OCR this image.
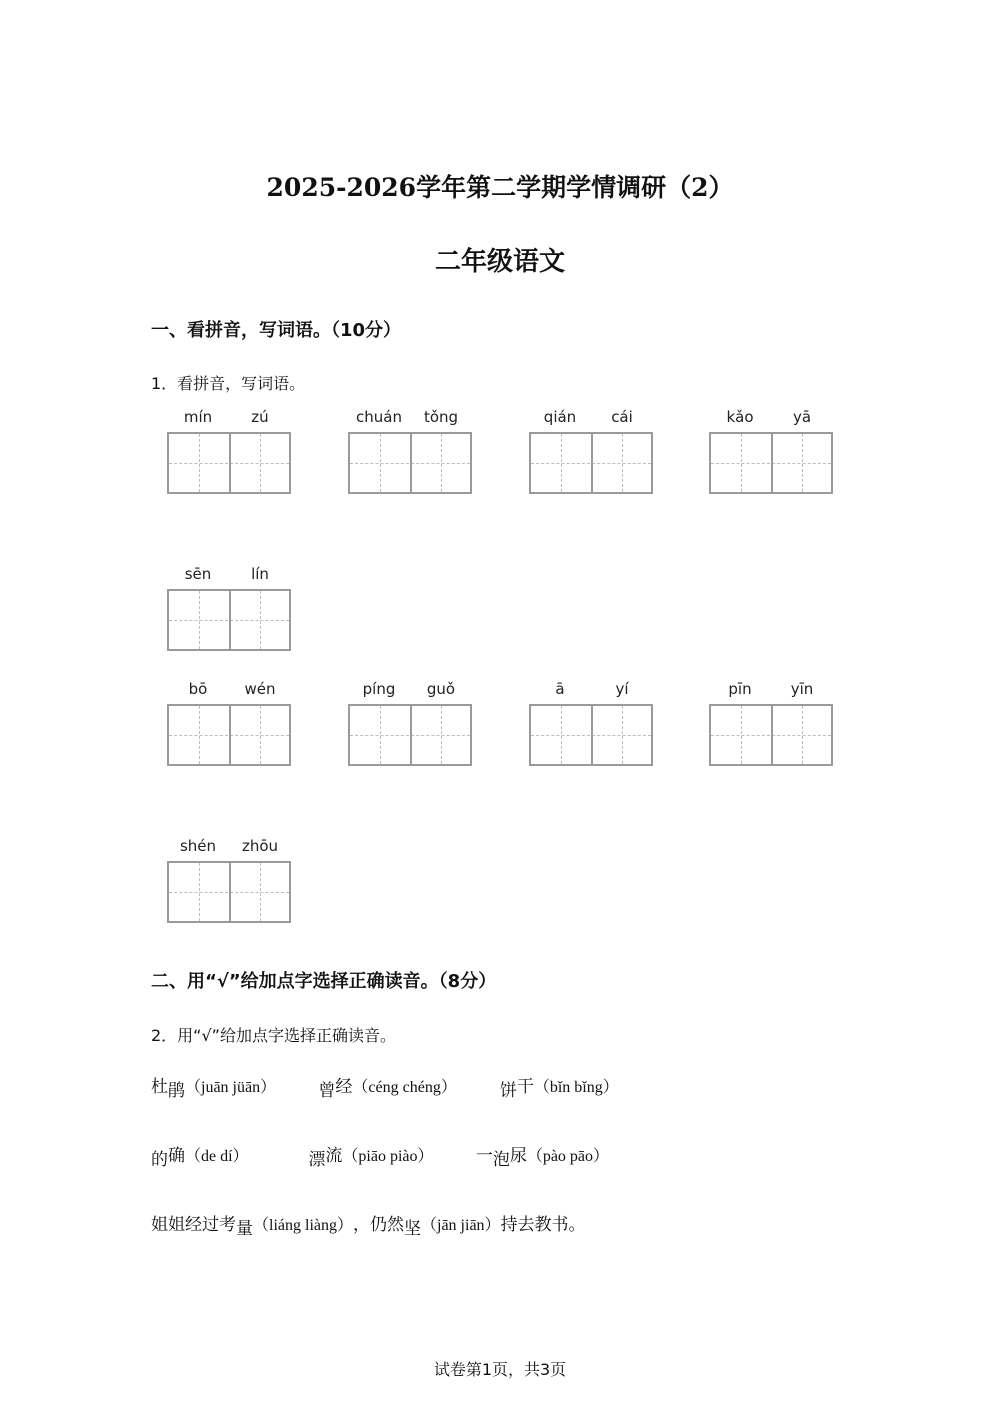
2025-2026学年第二学期学情调研（2）
二年级语文
一、看拼音，写词语。（10分）
1．看拼音，写词语。
mín	zú	chuán	tǒng	qián	cái	kǎo	yā
sēn	lín
bō	wén	píng	guǒ	ā	yí	pīn	yīn
shén	zhōu
二、用“√”给加点字选择正确读音。（8分）
2．用“√”给加点字选择正确读音。
杜鹃（juān jüān） 曾经（céng chéng）	饼干（bǐn bǐng）
的确（de dí）	漂流（piāo piào） 一泡尿（pào pāo）
姐姐经过考量（liáng liàng），仍然坚（jān jiān）持去教书。
试卷第1页，共3页
